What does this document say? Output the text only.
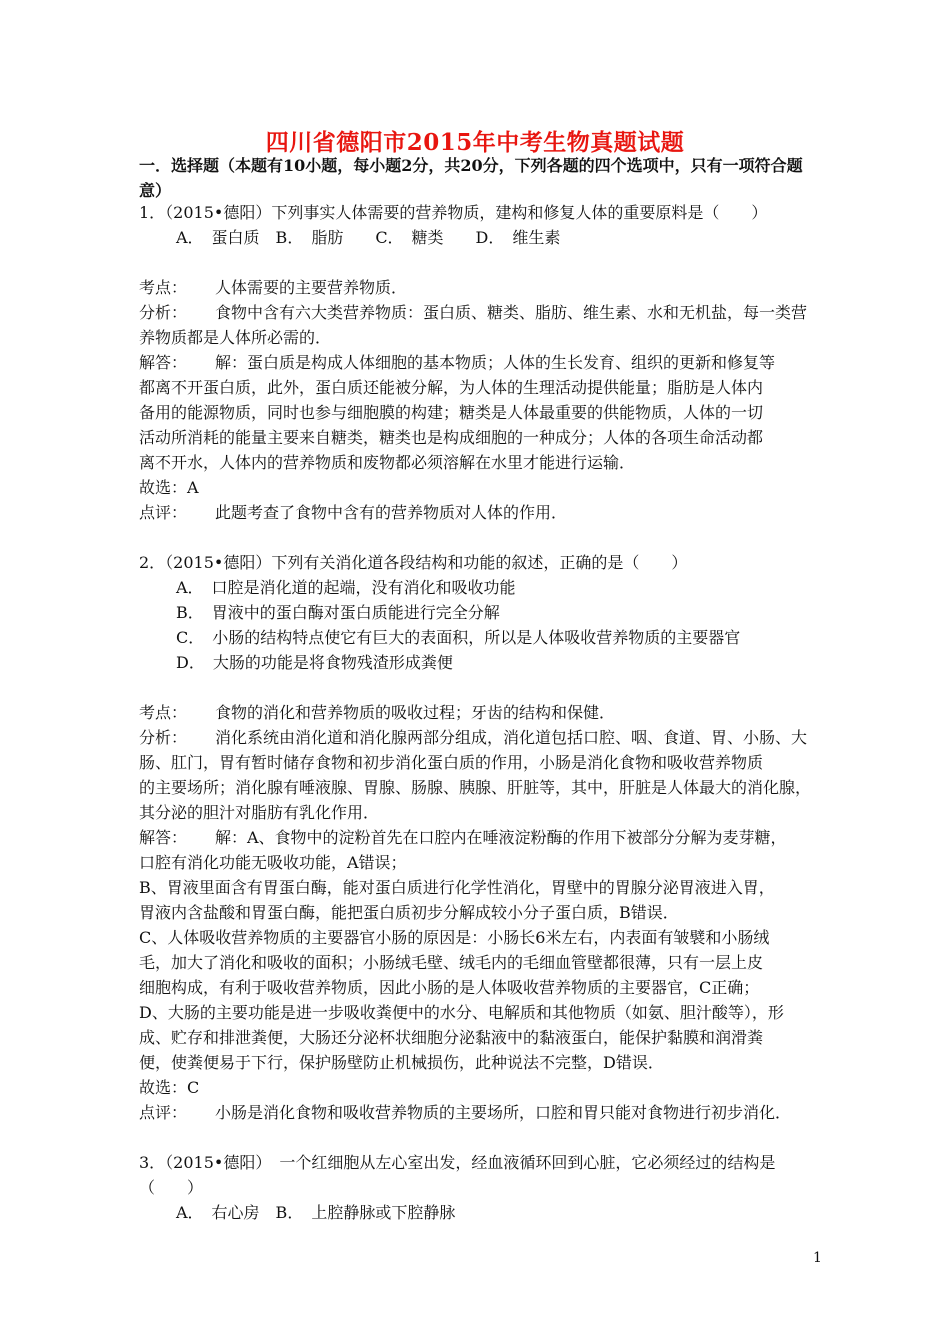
四川省德阳市2015年中考生物真题试题
一．选择题（本题有10小题，每小题2分，共20分，下列各题的四个选项中，只有一项符合题意）
1．（2015•德阳）下列事实人体需要的营养物质，建构和修复人体的重要原料是（　　）
A．　蛋白质　B．　脂肪　　C．　糖类　　D．　维生素
考点： 人体需要的主要营养物质．
分析： 食物中含有六大类营养物质：蛋白质、糖类、脂肪、维生素、水和无机盐，每一类营
养物质都是人体所必需的．
解答： 解：蛋白质是构成人体细胞的基本物质；人体的生长发育、组织的更新和修复等
都离不开蛋白质，此外，蛋白质还能被分解，为人体的生理活动提供能量；脂肪是人体内
备用的能源物质，同时也参与细胞膜的构建；糖类是人体最重要的供能物质，人体的一切
活动所消耗的能量主要来自糖类，糖类也是构成细胞的一种成分；人体的各项生命活动都
离不开水，人体内的营养物质和废物都必须溶解在水里才能进行运输．
故选：A
点评： 此题考查了食物中含有的营养物质对人体的作用．
2．（2015•德阳）下列有关消化道各段结构和功能的叙述，正确的是（　　）
A．　口腔是消化道的起端，没有消化和吸收功能
B．　胃液中的蛋白酶对蛋白质能进行完全分解
C．　小肠的结构特点使它有巨大的表面积，所以是人体吸收营养物质的主要器官
D．　大肠的功能是将食物残渣形成粪便
考点： 食物的消化和营养物质的吸收过程；牙齿的结构和保健．
分析： 消化系统由消化道和消化腺两部分组成，消化道包括口腔、咽、食道、胃、小肠、大
肠、肛门，胃有暂时储存食物和初步消化蛋白质的作用，小肠是消化食物和吸收营养物质
的主要场所；消化腺有唾液腺、胃腺、肠腺、胰腺、肝脏等，其中，肝脏是人体最大的消化腺，
其分泌的胆汁对脂肪有乳化作用．
解答： 解：A、食物中的淀粉首先在口腔内在唾液淀粉酶的作用下被部分分解为麦芽糖，
口腔有消化功能无吸收功能，A错误；
B、胃液里面含有胃蛋白酶，能对蛋白质进行化学性消化，胃壁中的胃腺分泌胃液进入胃，
胃液内含盐酸和胃蛋白酶，能把蛋白质初步分解成较小分子蛋白质，B错误．
C、人体吸收营养物质的主要器官小肠的原因是：小肠长6米左右，内表面有皱襞和小肠绒
毛，加大了消化和吸收的面积；小肠绒毛壁、绒毛内的毛细血管壁都很薄，只有一层上皮
细胞构成，有利于吸收营养物质，因此小肠的是人体吸收营养物质的主要器官，C正确；
D、大肠的主要功能是进一步吸收粪便中的水分、电解质和其他物质（如氨、胆汁酸等），形
成、贮存和排泄粪便，大肠还分泌杯状细胞分泌黏液中的黏液蛋白，能保护黏膜和润滑粪
便，使粪便易于下行，保护肠壁防止机械损伤，此种说法不完整，D错误．
故选：C
点评： 小肠是消化食物和吸收营养物质的主要场所，口腔和胃只能对食物进行初步消化．
3．（2015•德阳）　一个红细胞从左心室出发，经血液循环回到心脏，它必须经过的结构是
（　　）
A．　右心房　B．　上腔静脉或下腔静脉
1
